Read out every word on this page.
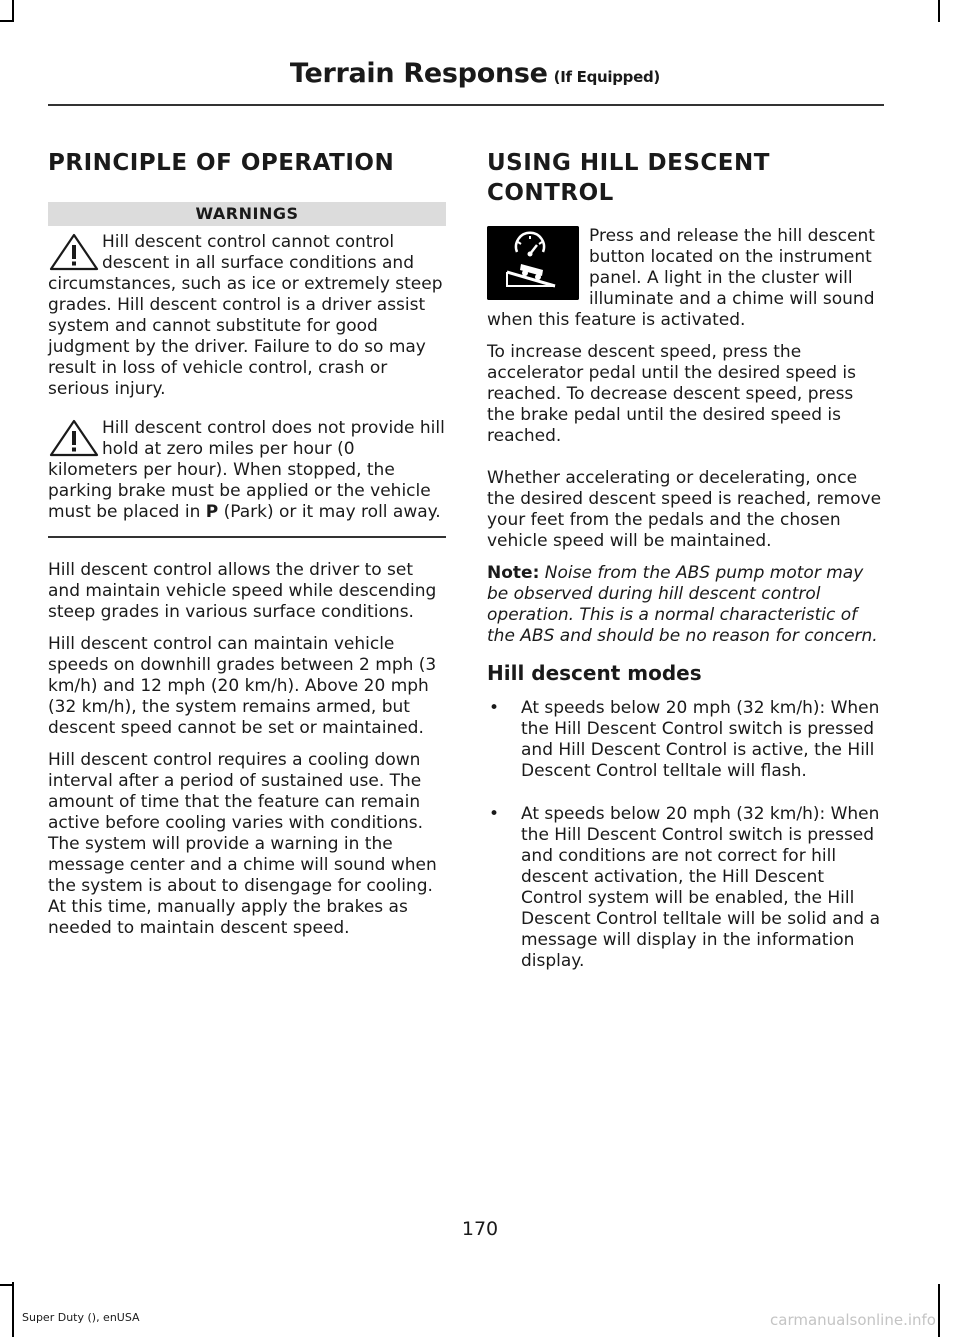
Terrain Response (If Equipped)
PRINCIPLE OF OPERATION
WARNINGS

Hill descent control cannot control descent in all surface conditions and circumstances, such as ice or extremely steep grades. Hill descent control is a driver assist system and cannot substitute for good judgment by the driver. Failure to do so may result in loss of vehicle control, crash or serious injury.

Hill descent control does not provide hill hold at zero miles per hour (0 kilometers per hour). When stopped, the parking brake must be applied or the vehicle must be placed in P (Park) or it may roll away.

Hill descent control allows the driver to set and maintain vehicle speed while descending steep grades in various surface conditions.

Hill descent control can maintain vehicle speeds on downhill grades between 2 mph (3 km/h) and 12 mph (20 km/h). Above 20 mph (32 km/h), the system remains armed, but descent speed cannot be set or maintained.

Hill descent control requires a cooling down interval after a period of sustained use. The amount of time that the feature can remain active before cooling varies with conditions. The system will provide a warning in the message center and a chime will sound when the system is about to disengage for cooling. At this time, manually apply the brakes as needed to maintain descent speed.

USING HILL DESCENT CONTROL

Press and release the hill descent button located on the instrument panel. A light in the cluster will illuminate and a chime will sound when this feature is activated.

To increase descent speed, press the accelerator pedal until the desired speed is reached. To decrease descent speed, press the brake pedal until the desired speed is reached.

Whether accelerating or decelerating, once the desired descent speed is reached, remove your feet from the pedals and the chosen vehicle speed will be maintained.

Note: Noise from the ABS pump motor may be observed during hill descent control operation. This is a normal characteristic of the ABS and should be no reason for concern.

Hill descent modes
•	At speeds below 20 mph (32 km/h): When the Hill Descent Control switch is pressed and Hill Descent Control is active, the Hill Descent Control telltale will flash.
•	At speeds below 20 mph (32 km/h): When the Hill Descent Control switch is pressed and conditions are not correct for hill descent activation, the Hill Descent Control system will be enabled, the Hill Descent Control telltale will be solid and a message will display in the information display.
170
Super Duty (), enUSA	carmanualsonline.info
